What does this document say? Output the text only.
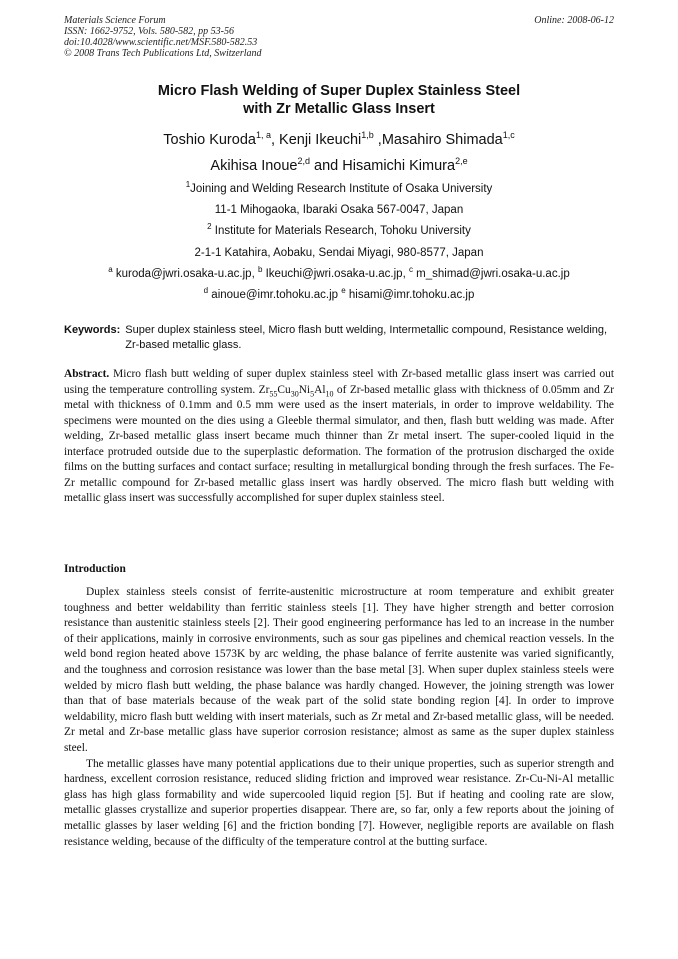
Materials Science Forum
ISSN: 1662-9752, Vols. 580-582, pp 53-56
doi:10.4028/www.scientific.net/MSF.580-582.53
© 2008 Trans Tech Publications Ltd, Switzerland
Online: 2008-06-12
Micro Flash Welding of Super Duplex Stainless Steel
with Zr Metallic Glass Insert
Toshio Kuroda$^{1, a}$, Kenji Ikeuchi$^{1,b}$ ,Masahiro Shimada$^{1,c}$
Akihisa Inoue$^{2,d}$ and Hisamichi Kimura$^{2,e}$
$^1$Joining and Welding Research Institute of Osaka University
11-1 Mihogaoka, Ibaraki Osaka 567-0047, Japan
$^2$ Institute for Materials Research, Tohoku University
2-1-1 Katahira, Aobaku, Sendai Miyagi, 980-8577, Japan
$^a$ kuroda@jwri.osaka-u.ac.jp, $^b$ Ikeuchi@jwri.osaka-u.ac.jp, $^c$ m_shimad@jwri.osaka-u.ac.jp
$^d$ ainoue@imr.tohoku.ac.jp $^e$ hisami@imr.tohoku.ac.jp
Keywords: Super duplex stainless steel, Micro flash butt welding, Intermetallic compound, Resistance welding, Zr-based metallic glass.

Abstract. Micro flash butt welding of super duplex stainless steel with Zr-based metallic glass insert was carried out using the temperature controlling system. $Zr_{55}Cu_{30}Ni_5Al_{10}$ of Zr-based metallic glass with thickness of 0.05mm and Zr metal with thickness of 0.1mm and 0.5 mm were used as the insert materials, in order to improve weldability. The specimens were mounted on the dies using a Gleeble thermal simulator, and then, flash butt welding was made. After welding, Zr-based metallic glass insert became much thinner than Zr metal insert. The super-cooled liquid in the interface protruded outside due to the superplastic deformation. The formation of the protrusion discharged the oxide films on the butting surfaces and contact surface; resulting in metallurgical bonding through the fresh surfaces. The Fe-Zr metallic compound for Zr-based metallic glass insert was hardly observed. The micro flash butt welding with metallic glass insert was successfully accomplished for super duplex stainless steel.

Introduction

Duplex stainless steels consist of ferrite-austenitic microstructure at room temperature and exhibit greater toughness and better weldability than ferritic stainless steels [1]. They have higher strength and better corrosion resistance than austenitic stainless steels [2]. Their good engineering performance has led to an increase in the number of their applications, mainly in corrosive environments, such as sour gas pipelines and chemical reaction vessels. In the weld bond region heated above 1573K by arc welding, the phase balance of ferrite austenite was varied significantly, and the toughness and corrosion resistance was lower than the base metal [3]. When super duplex stainless steels were welded by micro flash butt welding, the phase balance was hardly changed. However, the joining strength was lower than that of base materials because of the weak part of the solid state bonding region [4]. In order to improve weldability, micro flash butt welding with insert materials, such as Zr metal and Zr-based metallic glass, will be needed. Zr metal and Zr-base metallic glass have superior corrosion resistance; almost as same as the super duplex stainless steel.

The metallic glasses have many potential applications due to their unique properties, such as superior strength and hardness, excellent corrosion resistance, reduced sliding friction and improved wear resistance. Zr-Cu-Ni-Al metallic glass has high glass formability and wide supercooled liquid region [5]. But if heating and cooling rate are slow, metallic glasses crystallize and superior properties disappear. There are, so far, only a few reports about the joining of metallic glasses by laser welding [6] and the friction bonding [7]. However, negligible reports are available on flash resistance welding, because of the difficulty of the temperature control at the butting surface.
